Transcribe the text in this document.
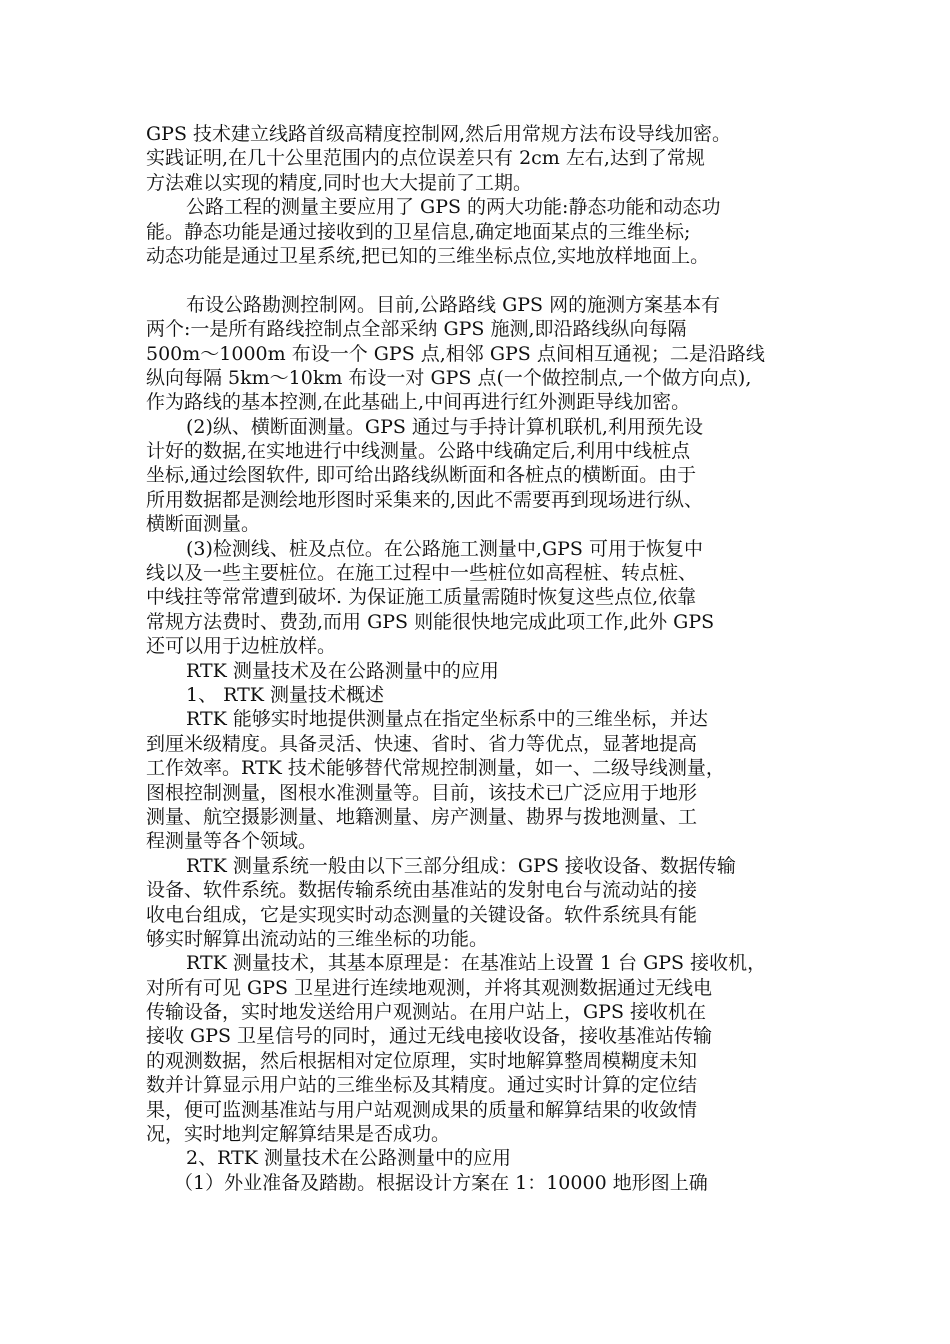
GPS 技术建立线路首级高精度控制网,然后用常规方法布设导线加密。
实践证明,在几十公里范围内的点位误差只有 2cm 左右,达到了常规
方法难以实现的精度,同时也大大提前了工期。
公路工程的测量主要应用了 GPS 的两大功能:静态功能和动态功
能。静态功能是通过接收到的卫星信息,确定地面某点的三维坐标;
动态功能是通过卫星系统,把已知的三维坐标点位,实地放样地面上。
布设公路勘测控制网。目前,公路路线 GPS 网的施测方案基本有
两个:一是所有路线控制点全部采纳 GPS 施测,即沿路线纵向每隔
500m～1000m 布设一个 GPS 点,相邻 GPS 点间相互通视；二是沿路线
纵向每隔 5km～10km 布设一对 GPS 点(一个做控制点,一个做方向点),
作为路线的基本控测,在此基础上,中间再进行红外测距导线加密。
(2)纵、横断面测量。GPS 通过与手持计算机联机,利用预先设
计好的数据,在实地进行中线测量。公路中线确定后,利用中线桩点
坐标,通过绘图软件, 即可给出路线纵断面和各桩点的横断面。由于
所用数据都是测绘地形图时采集来的,因此不需要再到现场进行纵、
横断面测量。
(3)检测线、桩及点位。在公路施工测量中,GPS 可用于恢复中
线以及一些主要桩位。在施工过程中一些桩位如高程桩、转点桩、
中线拄等常常遭到破坏. 为保证施工质量需随时恢复这些点位,依靠
常规方法费时、费劲,而用 GPS 则能很快地完成此项工作,此外 GPS
还可以用于边桩放样。
RTK 测量技术及在公路测量中的应用
1、 RTK 测量技术概述
RTK 能够实时地提供测量点在指定坐标系中的三维坐标，并达
到厘米级精度。具备灵活、快速、省时、省力等优点，显著地提高
工作效率。RTK 技术能够替代常规控制测量，如一、二级导线测量，
图根控制测量，图根水准测量等。目前，该技术已广泛应用于地形
测量、航空摄影测量、地籍测量、房产测量、勘界与拨地测量、工
程测量等各个领域。
RTK 测量系统一般由以下三部分组成：GPS 接收设备、数据传输
设备、软件系统。数据传输系统由基准站的发射电台与流动站的接
收电台组成，它是实现实时动态测量的关键设备。软件系统具有能
够实时解算出流动站的三维坐标的功能。
RTK 测量技术，其基本原理是：在基准站上设置 1 台 GPS 接收机，
对所有可见 GPS 卫星进行连续地观测，并将其观测数据通过无线电
传输设备，实时地发送给用户观测站。在用户站上，GPS 接收机在
接收 GPS 卫星信号的同时，通过无线电接收设备，接收基准站传输
的观测数据，然后根据相对定位原理，实时地解算整周模糊度未知
数并计算显示用户站的三维坐标及其精度。通过实时计算的定位结
果，便可监测基准站与用户站观测成果的质量和解算结果的收敛情
况，实时地判定解算结果是否成功。
2、RTK 测量技术在公路测量中的应用
（1）外业准备及踏勘。根据设计方案在 1：10000 地形图上确
